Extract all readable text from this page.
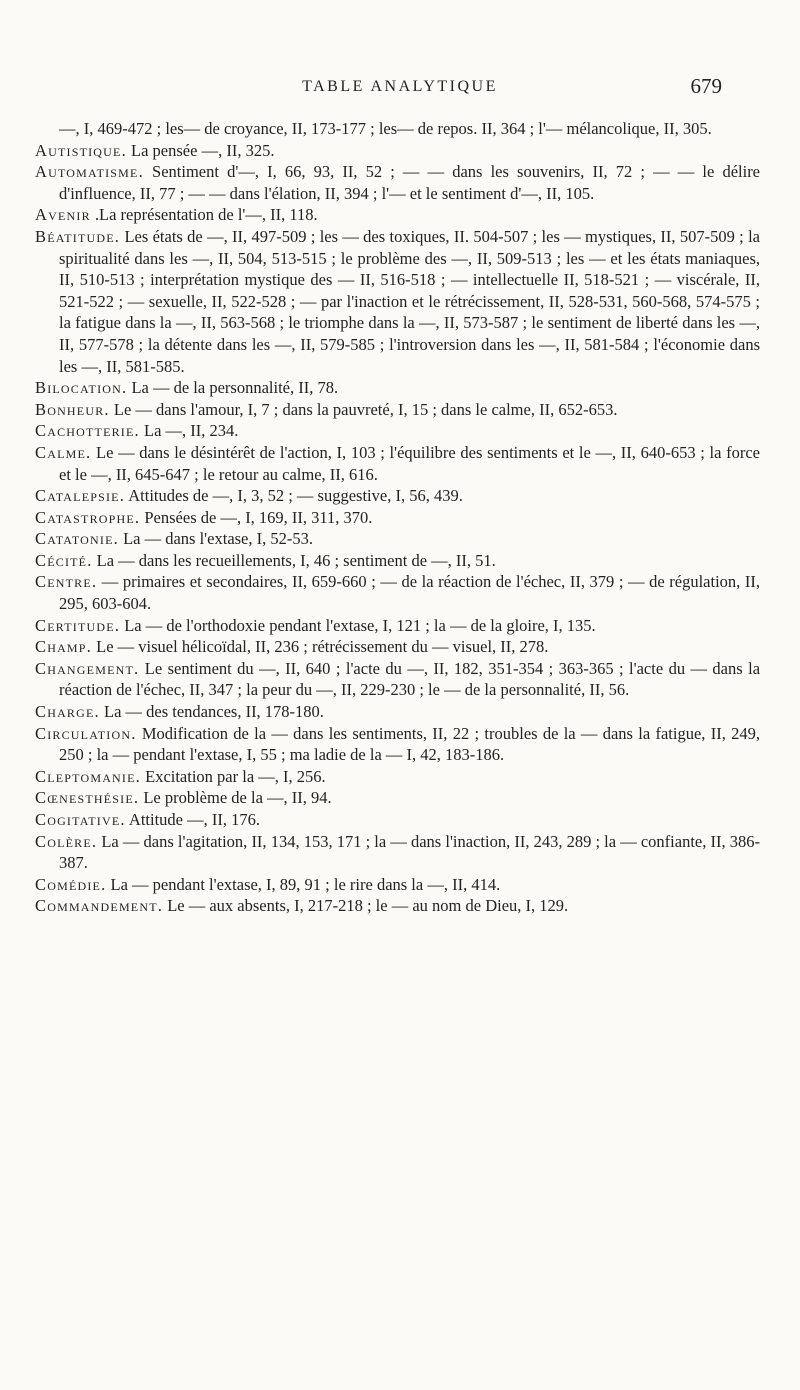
TABLE ANALYTIQUE	679

—, I, 469-472 ; les— de croyance, II, 173-177 ; les— de repos. II, 364 ; l'— mélancolique, II, 305.

Autistique. La pensée —, II, 325.

Automatisme. Sentiment d'—, I, 66, 93, II, 52 ; — — dans les souvenirs, II, 72 ; — — le délire d'influence, II, 77 ; — — dans l'élation, II, 394 ; l'— et le sentiment d'—, II, 105.

Avenir .La représentation de l'—, II, 118.

Béatitude. Les états de —, II, 497-509 ; les — des toxiques, II. 504-507 ; les — mystiques, II, 507-509 ; la spiritualité dans les —, II, 504, 513-515 ; le problème des —, II, 509-513 ; les — et les états maniaques, II, 510-513 ; interprétation mystique des — II, 516-518 ; — intellectuelle II, 518-521 ; — viscérale, II, 521-522 ; — sexuelle, II, 522-528 ; — par l'inaction et le rétrécissement, II, 528-531, 560-568, 574-575 ; la fatigue dans la —, II, 563-568 ; le triomphe dans la —, II, 573-587 ; le sentiment de liberté dans les —, II, 577-578 ; la détente dans les —, II, 579-585 ; l'introversion dans les —, II, 581-584 ; l'économie dans les —, II, 581-585.

Bilocation. La — de la personnalité, II, 78.

Bonheur. Le — dans l'amour, I, 7 ; dans la pauvreté, I, 15 ; dans le calme, II, 652-653.

Cachotterie. La —, II, 234.

Calme. Le — dans le désintérêt de l'action, I, 103 ; l'équilibre des sentiments et le —, II, 640-653 ; la force et le —, II, 645-647 ; le retour au calme, II, 616.

Catalepsie. Attitudes de —, I, 3, 52 ; — suggestive, I, 56, 439.

Catastrophe. Pensées de —, I, 169, II, 311, 370.

Catatonie. La — dans l'extase, I, 52-53.

Cécité. La — dans les recueillements, I, 46 ; sentiment de —, II, 51.

Centre. — primaires et secondaires, II, 659-660 ; — de la réaction de l'échec, II, 379 ; — de régulation, II, 295, 603-604.

Certitude. La — de l'orthodoxie pendant l'extase, I, 121 ; la — de la gloire, I, 135.

Champ. Le — visuel hélicoïdal, II, 236 ; rétrécissement du — visuel, II, 278.

Changement. Le sentiment du —, II, 640 ; l'acte du —, II, 182, 351-354 ; 363-365 ; l'acte du — dans la réaction de l'échec, II, 347 ; la peur du —, II, 229-230 ; le — de la personnalité, II, 56.

Charge. La — des tendances, II, 178-180.

Circulation. Modification de la — dans les sentiments, II, 22 ; troubles de la — dans la fatigue, II, 249, 250 ; la — pendant l'extase, I, 55 ; ma ladie de la — I, 42, 183-186.

Cleptomanie. Excitation par la —, I, 256.

Cœnesthésie. Le problème de la —, II, 94.

Cogitative. Attitude —, II, 176.

Colère. La — dans l'agitation, II, 134, 153, 171 ; la — dans l'inaction, II, 243, 289 ; la — confiante, II, 386-387.

Comédie. La — pendant l'extase, I, 89, 91 ; le rire dans la —, II, 414.

Commandement. Le — aux absents, I, 217-218 ; le — au nom de Dieu, I, 129.
